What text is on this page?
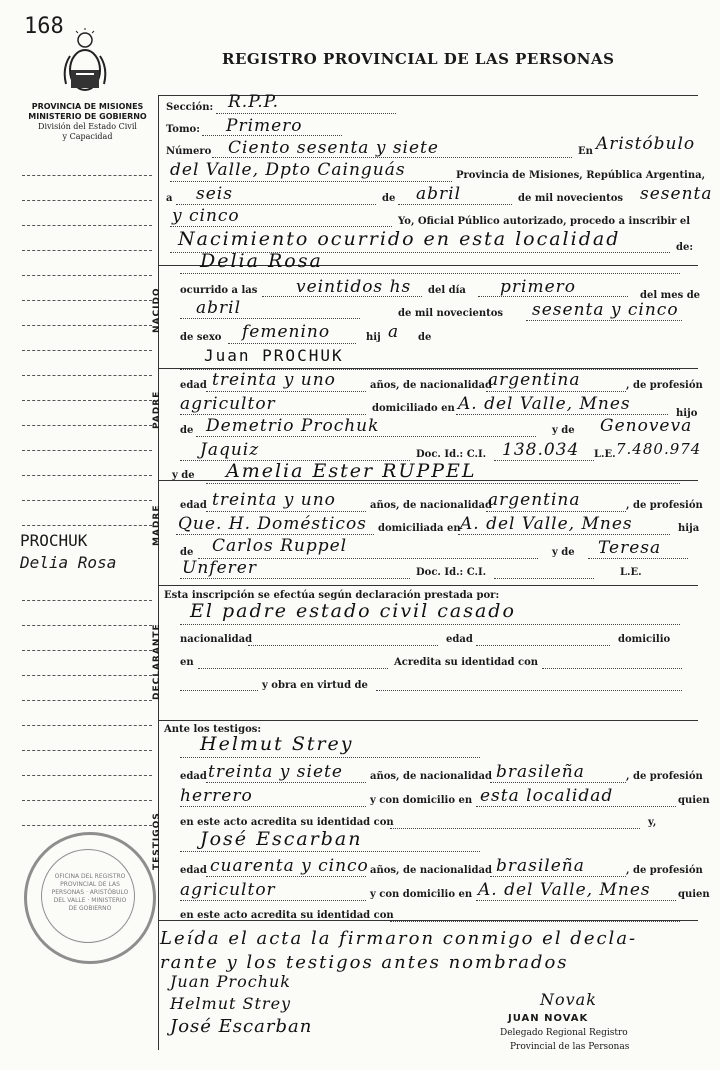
168
REGISTRO PROVINCIAL DE LAS PERSONAS
PROVINCIA DE MISIONES
MINISTERIO DE GOBIERNO
División del Estado Civil
y Capacidad
PROCHUK
Delia Rosa
OFICINA DEL REGISTRO PROVINCIAL DE LAS PERSONAS · ARISTÓBULO DEL VALLE · MINISTERIO DE GOBIERNO
NACIDO
PADRE
MADRE
DECLARANTE
TESTIGOS
Sección: R.P.P.
Tomo: Primero
Número Ciento sesenta y siete	En Aristóbulo
del Valle, Dpto Cainguás	Provincia de Misiones, República Argentina,
a seis	de abril	de mil novecientos sesenta
y cinco	Yo, Oficial Público autorizado, procedo a inscribir el
Nacimiento ocurrido en esta localidad	de:
Delia Rosa
ocurrido a las veintidos hs del día primero	del mes de
abril	de mil novecientos sesenta y cinco
de sexo femenino	hij a de
Juan PROCHUK
edad treinta y uno	años, de nacionalidad
argentina	, de profesión
agricultor	domiciliado en A. del Valle, Mnes	hijo
de Demetrio Prochuk	y de Genoveva
Jaquiz	Doc. Id.: C.I. 138.034 L.E. 7.480.974
y de Amelia Ester RUPPEL
edad treinta y uno	años, de nacionalidad
argentina	, de profesión
Que. H. Domésticos domiciliada en A. del Valle, Mnes	hija
de Carlos Ruppel	y de Teresa
Unferer	Doc. Id.: C.I.	L.E.
Esta inscripción se efectúa según declaración prestada por:
El padre estado civil casado
nacionalidad	edad	domicilio
en	Acredita su identidad con
y obra en virtud de
Ante los testigos:
Helmut Strey
edad treinta y siete	años, de nacionalidad brasileña	, de profesión
herrero	y con domicilio en esta localidad	quien
en este acto acredita su identidad con	y,
José Escarban
edad cuarenta y cinco años, de nacionalidad brasileña	, de profesión
agricultor	y con domicilio en A. del Valle, Mnes	quien
en este acto acredita su identidad con
Leída el acta la firmaron conmigo el decla-
rante y los testigos antes nombrados
Juan Prochuk
Helmut Strey
José Escarban
Novak
JUAN NOVAK
Delegado Regional Registro
Provincial de las Personas
